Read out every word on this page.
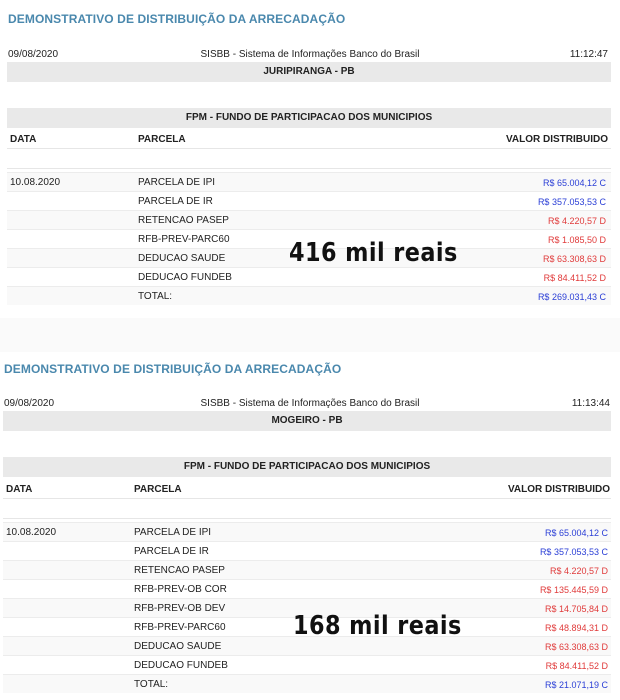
DEMONSTRATIVO DE DISTRIBUIÇÃO DA ARRECADAÇÃO
09/08/2020	SISBB - Sistema de Informações Banco do Brasil	11:12:47
JURIPIRANGA - PB
FPM - FUNDO DE PARTICIPACAO DOS MUNICIPIOS
DATA	PARCELA	VALOR DISTRIBUIDO
10.08.2020	PARCELA DE IPI	R$ 65.004,12 C
PARCELA DE IR	R$ 357.053,53 C
RETENCAO PASEP	R$ 4.220,57 D
RFB-PREV-PARC60	R$ 1.085,50 D
DEDUCAO SAUDE	R$ 63.308,63 D
DEDUCAO FUNDEB	R$ 84.411,52 D
TOTAL:	R$ 269.031,43 C
416 mil reais
DEMONSTRATIVO DE DISTRIBUIÇÃO DA ARRECADAÇÃO
09/08/2020	SISBB - Sistema de Informações Banco do Brasil	11:13:44
MOGEIRO - PB
FPM - FUNDO DE PARTICIPACAO DOS MUNICIPIOS
DATA	PARCELA	VALOR DISTRIBUIDO
10.08.2020	PARCELA DE IPI	R$ 65.004,12 C
PARCELA DE IR	R$ 357.053,53 C
RETENCAO PASEP	R$ 4.220,57 D
RFB-PREV-OB COR	R$ 135.445,59 D
RFB-PREV-OB DEV	R$ 14.705,84 D
RFB-PREV-PARC60	R$ 48.894,31 D
DEDUCAO SAUDE	R$ 63.308,63 D
DEDUCAO FUNDEB	R$ 84.411,52 D
TOTAL:	R$ 21.071,19 C
168 mil reais
